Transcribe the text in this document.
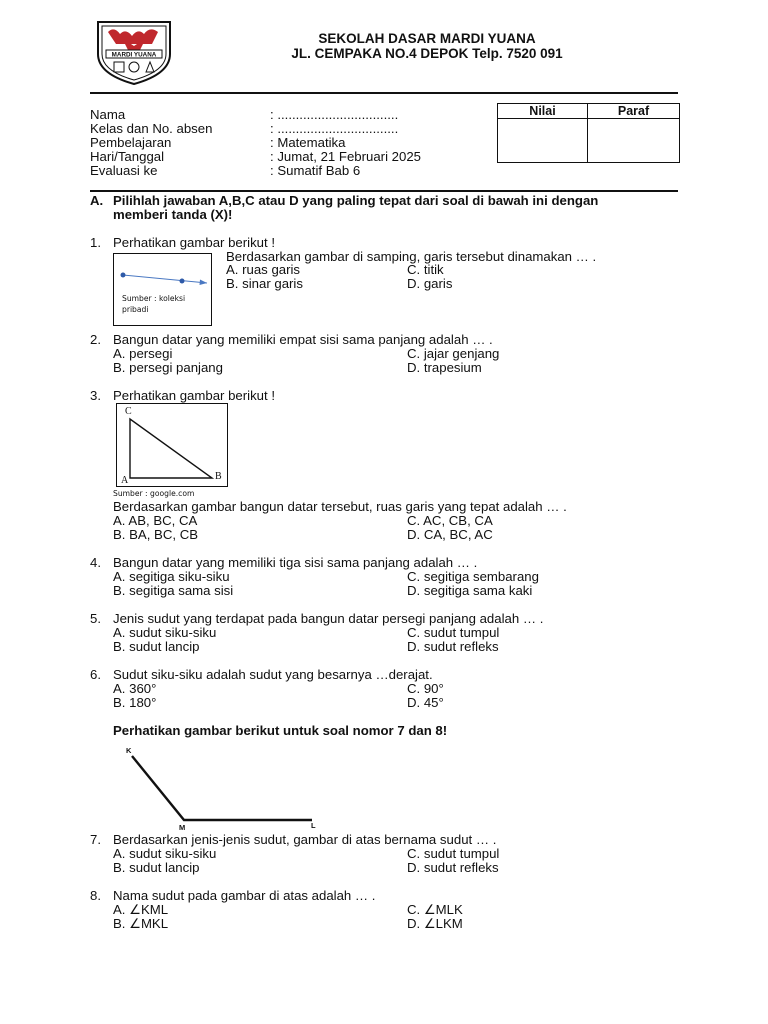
MARDI YUANA
SEKOLAH DASAR MARDI YUANA
JL. CEMPAKA NO.4 DEPOK Telp. 7520 091
Nama	: .................................
Kelas dan No. absen	: .................................
Pembelajaran	: Matematika
Hari/Tanggal	: Jumat, 21 Februari 2025
Evaluasi ke	: Sumatif Bab 6
Nilai	Paraf
A. Pilihlah jawaban A,B,C atau D yang paling tepat dari soal di bawah ini dengan
memberi tanda (X)!
1. Perhatikan gambar berikut !
Sumber : koleksi
pribadi
Berdasarkan gambar di samping, garis tersebut dinamakan … .
A. ruas garis
B. sinar garis
C. titik
D. garis
2. Bangun datar yang memiliki empat sisi sama panjang adalah … .
A. persegi
B. persegi panjang
C. jajar genjang
D. trapesium
3. Perhatikan gambar berikut !
C
A	B
Sumber : google.com
Berdasarkan gambar bangun datar tersebut, ruas garis yang tepat adalah … .
A. AB, BC, CA
B. BA, BC, CB
C. AC, CB, CA
D. CA, BC, AC
4. Bangun datar yang memiliki tiga sisi sama panjang adalah … .
A. segitiga siku-siku
B. segitiga sama sisi
C. segitiga sembarang
D. segitiga sama kaki
5. Jenis sudut yang terdapat pada bangun datar persegi panjang adalah … .
A. sudut siku-siku
B. sudut lancip
C. sudut tumpul
D. sudut refleks
6. Sudut siku-siku adalah sudut yang besarnya …derajat.
A. 360°
B. 180°
C. 90°
D. 45°
Perhatikan gambar berikut untuk soal nomor 7 dan 8!
K
M	L
7. Berdasarkan jenis-jenis sudut, gambar di atas bernama sudut … .
A. sudut siku-siku
B. sudut lancip
C. sudut tumpul
D. sudut refleks
8. Nama sudut pada gambar di atas adalah … .
A. ∠KML
B. ∠MKL
C. ∠MLK
D. ∠LKM
